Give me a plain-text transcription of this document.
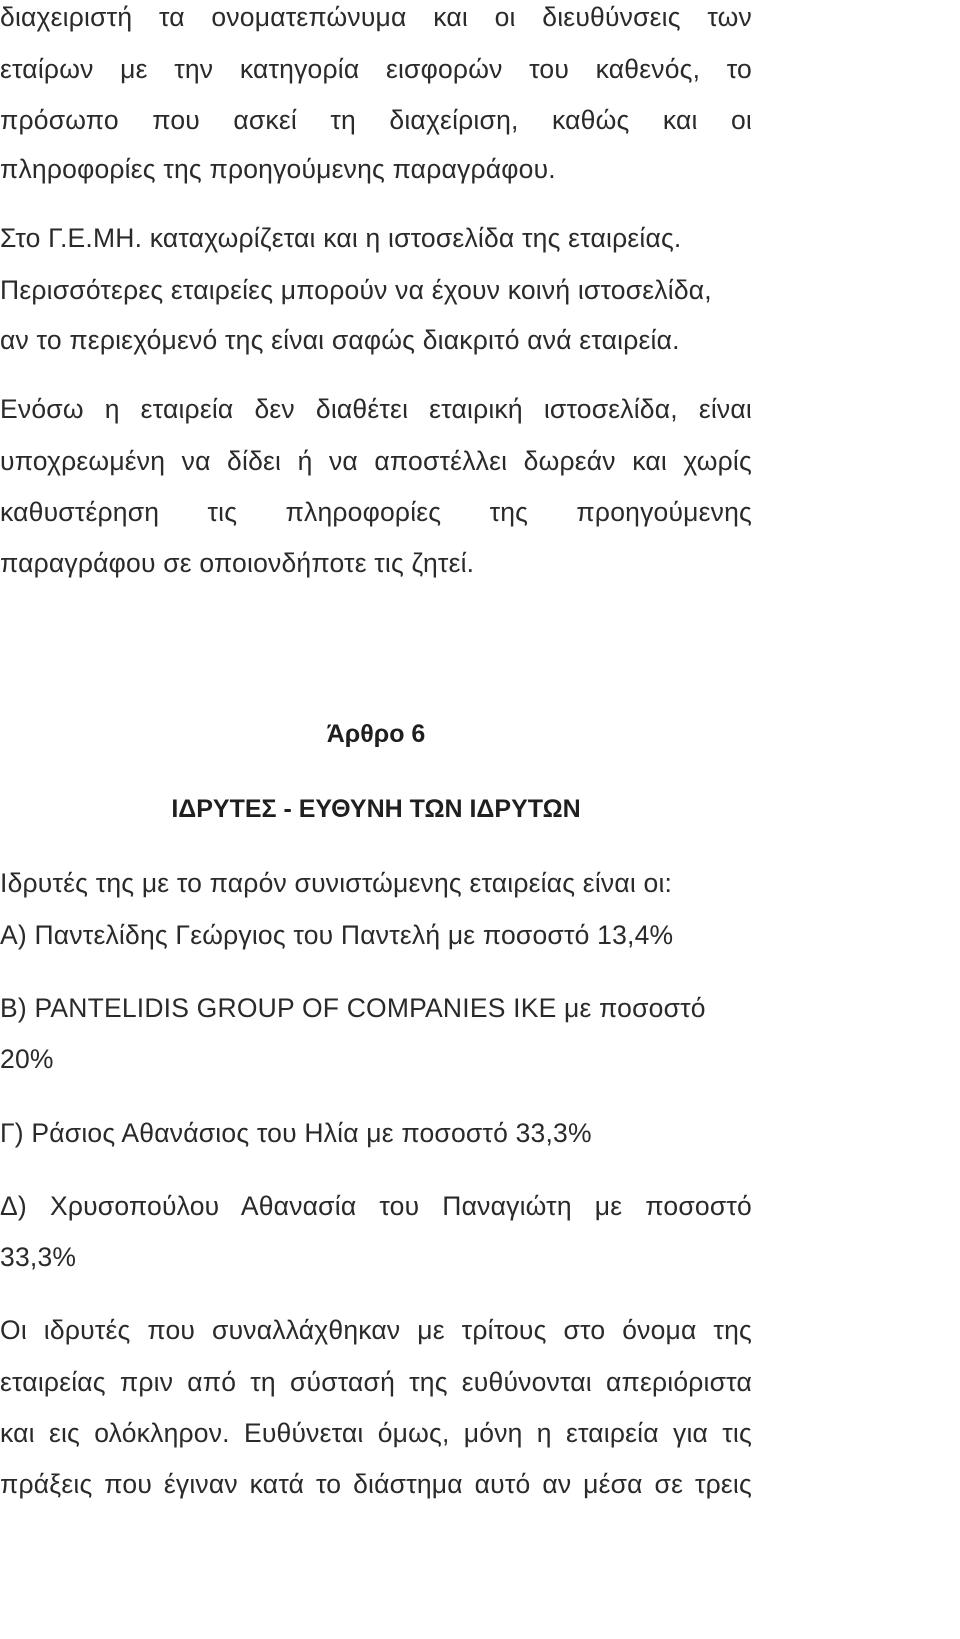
διαχειριστή τα ονοματεπώνυμα και οι διευθύνσεις των
εταίρων με την κατηγορία εισφορών του καθενός, το
πρόσωπο που ασκεί τη διαχείριση, καθώς και οι
πληροφορίες της προηγούμενης παραγράφου.
Στο Γ.Ε.ΜΗ. καταχωρίζεται και η ιστοσελίδα της εταιρείας.
Περισσότερες εταιρείες μπορούν να έχουν κοινή ιστοσελίδα,
αν το περιεχόμενό της είναι σαφώς διακριτό ανά εταιρεία.
Ενόσω η εταιρεία δεν διαθέτει εταιρική ιστοσελίδα, είναι
υποχρεωμένη να δίδει ή να αποστέλλει δωρεάν και χωρίς
καθυστέρηση τις πληροφορίες της προηγούμενης
παραγράφου σε οποιονδήποτε τις ζητεί.
Άρθρο 6
ΙΔΡΥΤΕΣ - ΕΥΘΥΝΗ ΤΩΝ ΙΔΡΥΤΩΝ
Ιδρυτές της με το παρόν συνιστώμενης εταιρείας είναι οι:
Α) Παντελίδης Γεώργιος του Παντελή με ποσοστό 13,4%
Β) PANTELIDIS GROUP OF COMPANIES IKE με ποσοστό
20%
Γ) Ράσιος Αθανάσιος του Ηλία με ποσοστό 33,3%
Δ) Χρυσοπούλου Αθανασία του Παναγιώτη με ποσοστό
33,3%
Οι ιδρυτές που συναλλάχθηκαν με τρίτους στο όνομα της
εταιρείας πριν από τη σύστασή της ευθύνονται απεριόριστα
και εις ολόκληρον. Ευθύνεται όμως, μόνη η εταιρεία για τις
πράξεις που έγιναν κατά το διάστημα αυτό αν μέσα σε τρεις
